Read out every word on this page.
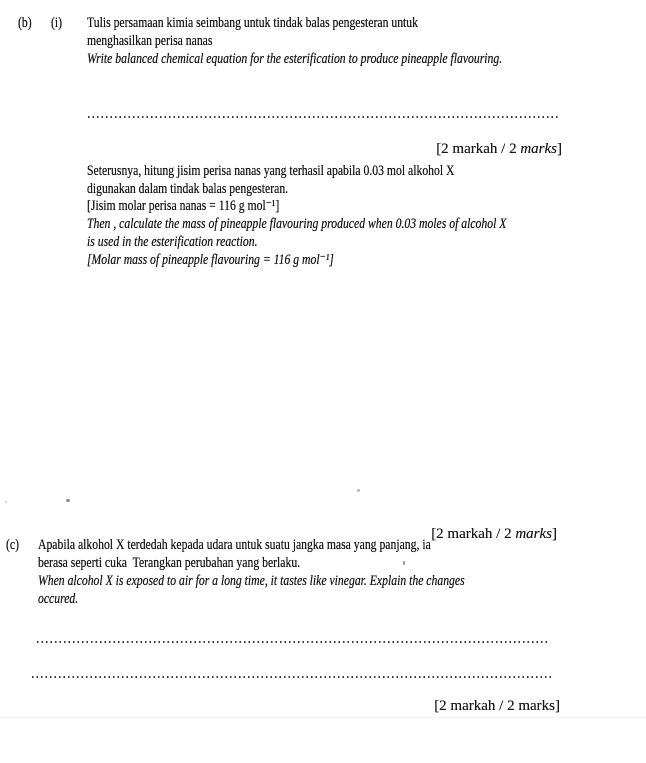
(b) (i) Tulis persamaan kimia seimbang untuk tindak balas pengesteran untuk
menghasilkan perisa nanas
Write balanced chemical equation for the esterification to produce pineapple flavouring.

[2 markah / 2 marks]

Seterusnya, hitung jisim perisa nanas yang terhasil apabila 0.03 mol alkohol X
digunakan dalam tindak balas pengesteran.
[Jisim molar perisa nanas = 116 g mol⁻¹]
Then , calculate the mass of pineapple flavouring produced when 0.03 moles of alcohol X
is used in the esterification reaction.
[Molar mass of pineapple flavouring = 116 g mol⁻¹]

[2 markah / 2 marks]

(c) Apabila alkohol X terdedah kepada udara untuk suatu jangka masa yang panjang, ia
berasa seperti cuka  Terangkan perubahan yang berlaku.
When alcohol X is exposed to air for a long time, it tastes like vinegar. Explain the changes
occured.

[2 markah / 2 marks]
